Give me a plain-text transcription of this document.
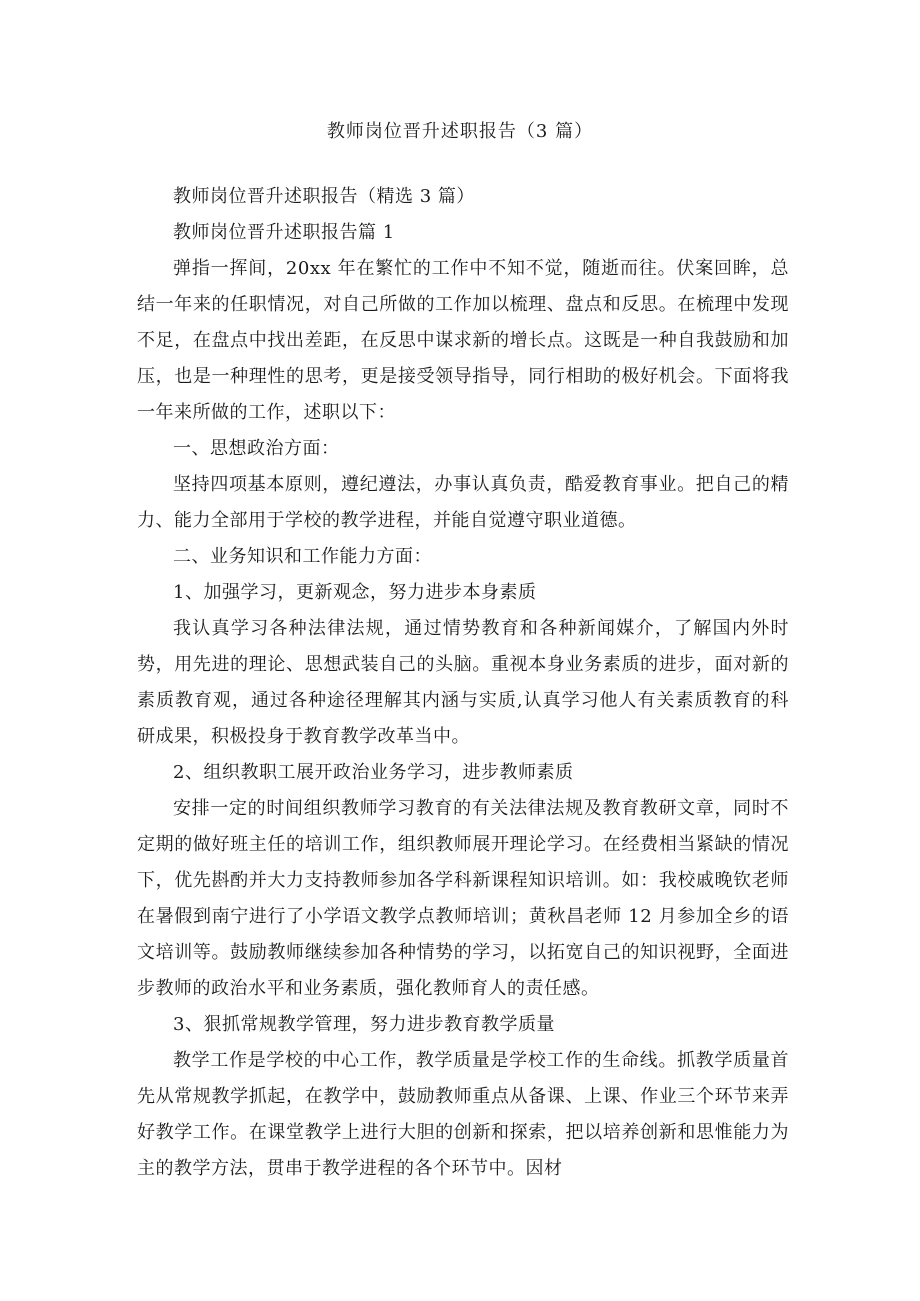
教师岗位晋升述职报告（3 篇）

教师岗位晋升述职报告（精选 3 篇）

教师岗位晋升述职报告篇 1

弹指一挥间，20xx 年在繁忙的工作中不知不觉，随逝而往。伏案回眸，总结一年来的任职情况，对自己所做的工作加以梳理、盘点和反思。在梳理中发现不足，在盘点中找出差距，在反思中谋求新的增长点。这既是一种自我鼓励和加压，也是一种理性的思考，更是接受领导指导，同行相助的极好机会。下面将我一年来所做的工作，述职以下：

一、思想政治方面：

坚持四项基本原则，遵纪遵法，办事认真负责，酷爱教育事业。把自己的精力、能力全部用于学校的教学进程，并能自觉遵守职业道德。

二、业务知识和工作能力方面：

1、加强学习，更新观念，努力进步本身素质

我认真学习各种法律法规，通过情势教育和各种新闻媒介，了解国内外时势，用先进的理论、思想武装自己的头脑。重视本身业务素质的进步，面对新的素质教育观，通过各种途径理解其内涵与实质,认真学习他人有关素质教育的科研成果，积极投身于教育教学改革当中。

2、组织教职工展开政治业务学习，进步教师素质

安排一定的时间组织教师学习教育的有关法律法规及教育教研文章，同时不定期的做好班主任的培训工作，组织教师展开理论学习。在经费相当紧缺的情况下，优先斟酌并大力支持教师参加各学科新课程知识培训。如：我校戚晚钦老师在暑假到南宁进行了小学语文教学点教师培训；黄秋昌老师 12 月参加全乡的语文培训等。鼓励教师继续参加各种情势的学习，以拓宽自己的知识视野，全面进步教师的政治水平和业务素质，强化教师育人的责任感。

3、狠抓常规教学管理，努力进步教育教学质量

教学工作是学校的中心工作，教学质量是学校工作的生命线。抓教学质量首先从常规教学抓起，在教学中，鼓励教师重点从备课、上课、作业三个环节来弄好教学工作。在课堂教学上进行大胆的创新和探索，把以培养创新和思惟能力为主的教学方法，贯串于教学进程的各个环节中。因材
